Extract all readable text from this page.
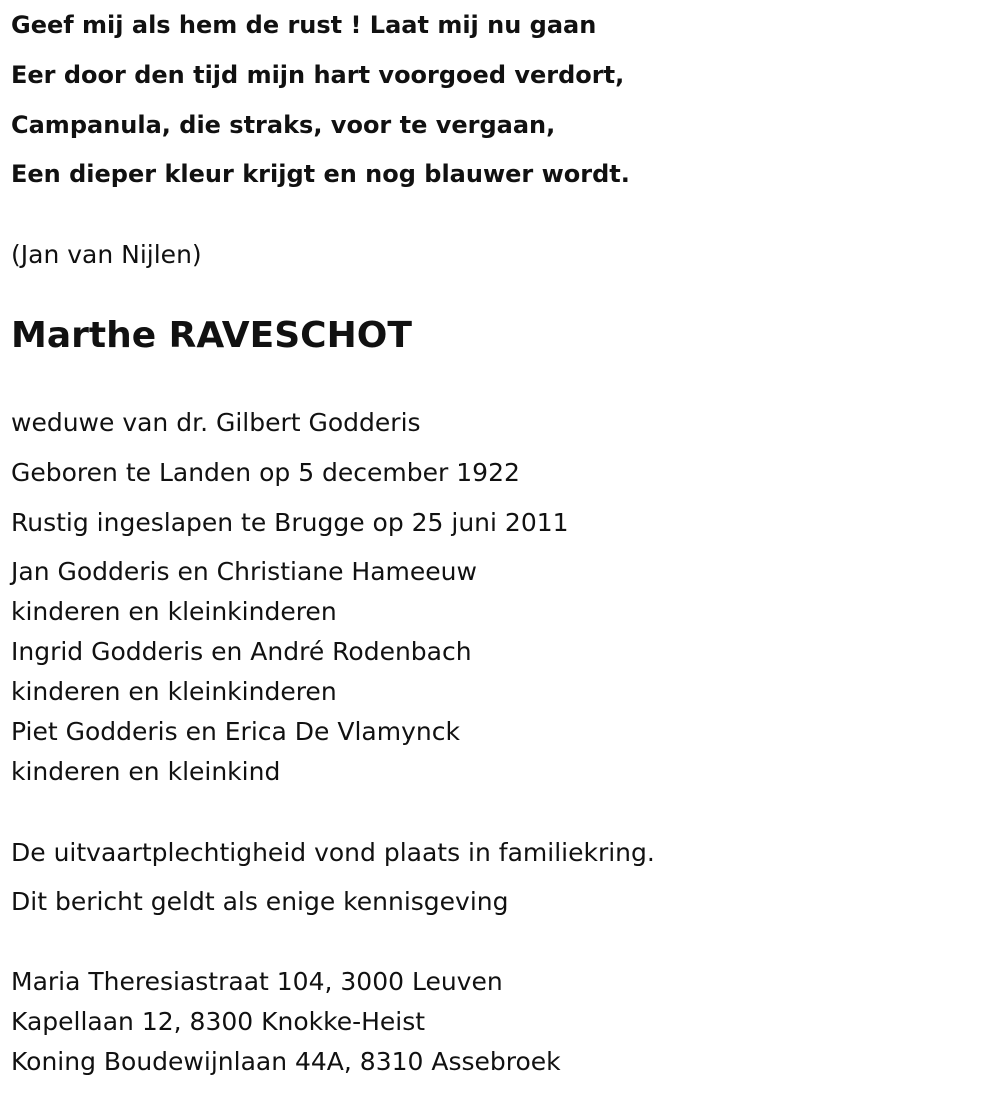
Geef mij als hem de rust ! Laat mij nu gaan
Eer door den tijd mijn hart voorgoed verdort,
Campanula, die straks, voor te vergaan,
Een dieper kleur krijgt en nog blauwer wordt.
(Jan van Nijlen)
Marthe RAVESCHOT
weduwe van dr. Gilbert Godderis
Geboren te Landen op 5 december 1922
Rustig ingeslapen te Brugge op 25 juni 2011
Jan Godderis en Christiane Hameeuw
kinderen en kleinkinderen
Ingrid Godderis en André Rodenbach
kinderen en kleinkinderen
Piet Godderis en Erica De Vlamynck
kinderen en kleinkind
De uitvaartplechtigheid vond plaats in familiekring.
Dit bericht geldt als enige kennisgeving
Maria Theresiastraat 104, 3000 Leuven
Kapellaan 12, 8300 Knokke-Heist
Koning Boudewijnlaan 44A, 8310 Assebroek
